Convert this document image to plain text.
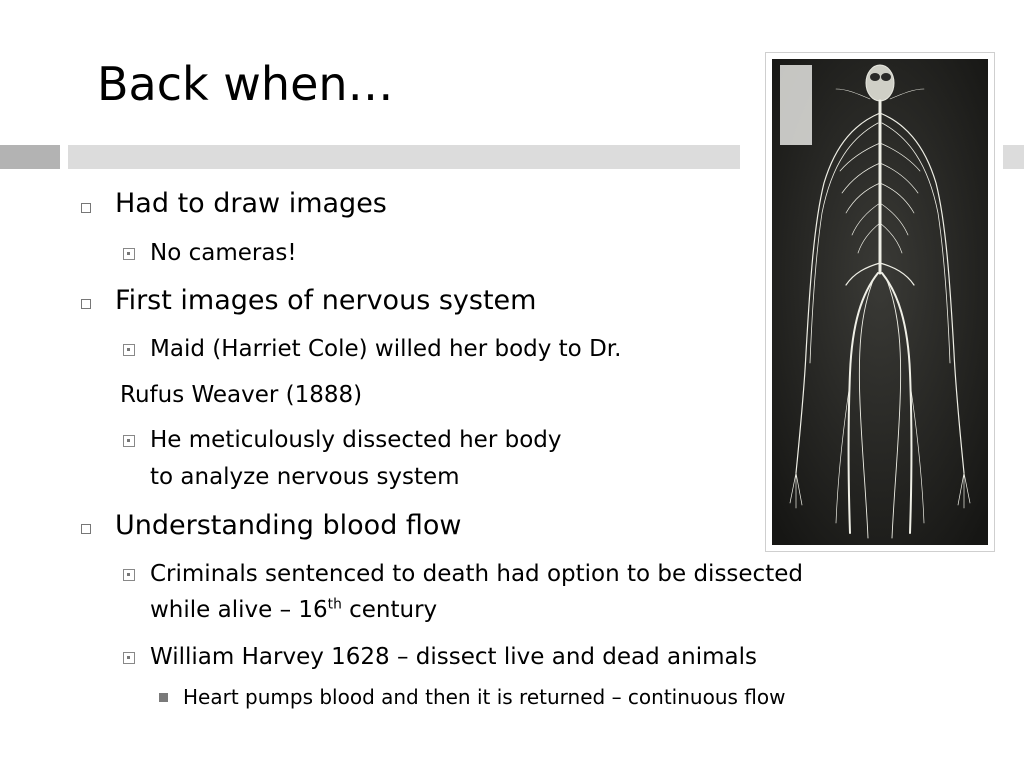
Back when…
Had to draw images
No cameras!
First images of nervous system
Maid (Harriet Cole) willed her body to Dr.
Rufus Weaver (1888)
He meticulously dissected her body
to analyze nervous system
Understanding blood flow
Criminals sentenced to death had option to be dissected
while alive – 16th century
William Harvey 1628 – dissect live and dead animals
Heart pumps blood and then it is returned – continuous flow
